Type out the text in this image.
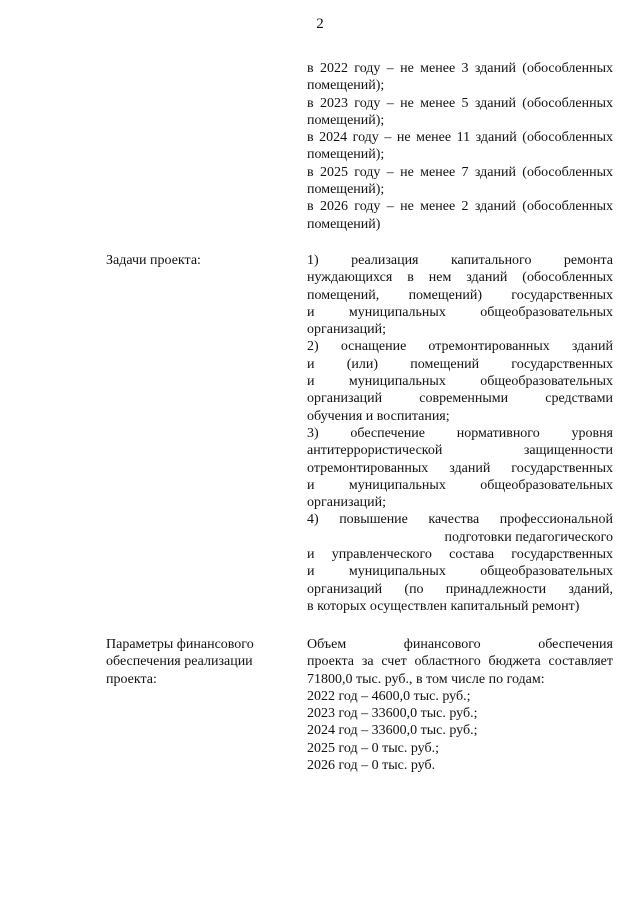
2
в 2022 году – не менее 3 зданий (обособленных
помещений);
в 2023 году – не менее 5 зданий (обособленных
помещений);
в 2024 году – не менее 11 зданий (обособленных
помещений);
в 2025 году – не менее 7 зданий (обособленных
помещений);
в 2026 году – не менее 2 зданий (обособленных
помещений)
Задачи проекта:	1) реализация капитального ремонта
нуждающихся в нем зданий (обособленных
помещений, помещений) государственных
и муниципальных общеобразовательных
организаций;
2) оснащение отремонтированных зданий
и (или) помещений государственных
и муниципальных общеобразовательных
организаций современными средствами
обучения и воспитания;
3) обеспечение нормативного уровня
антитеррористической защищенности
отремонтированных зданий государственных
и муниципальных общеобразовательных
организаций;
4) повышение качества профессиональной
подготовки педагогического
и управленческого состава государственных
и муниципальных общеобразовательных
организаций (по принадлежности зданий,
в которых осуществлен капитальный ремонт)
Параметры финансового
обеспечения реализации
проекта:
Объем финансового обеспечения
проекта за счет областного бюджета составляет
71800,0 тыс. руб., в том числе по годам:
2022 год – 4600,0 тыс. руб.;
2023 год – 33600,0 тыс. руб.;
2024 год – 33600,0 тыс. руб.;
2025 год – 0 тыс. руб.;
2026 год – 0 тыс. руб.
